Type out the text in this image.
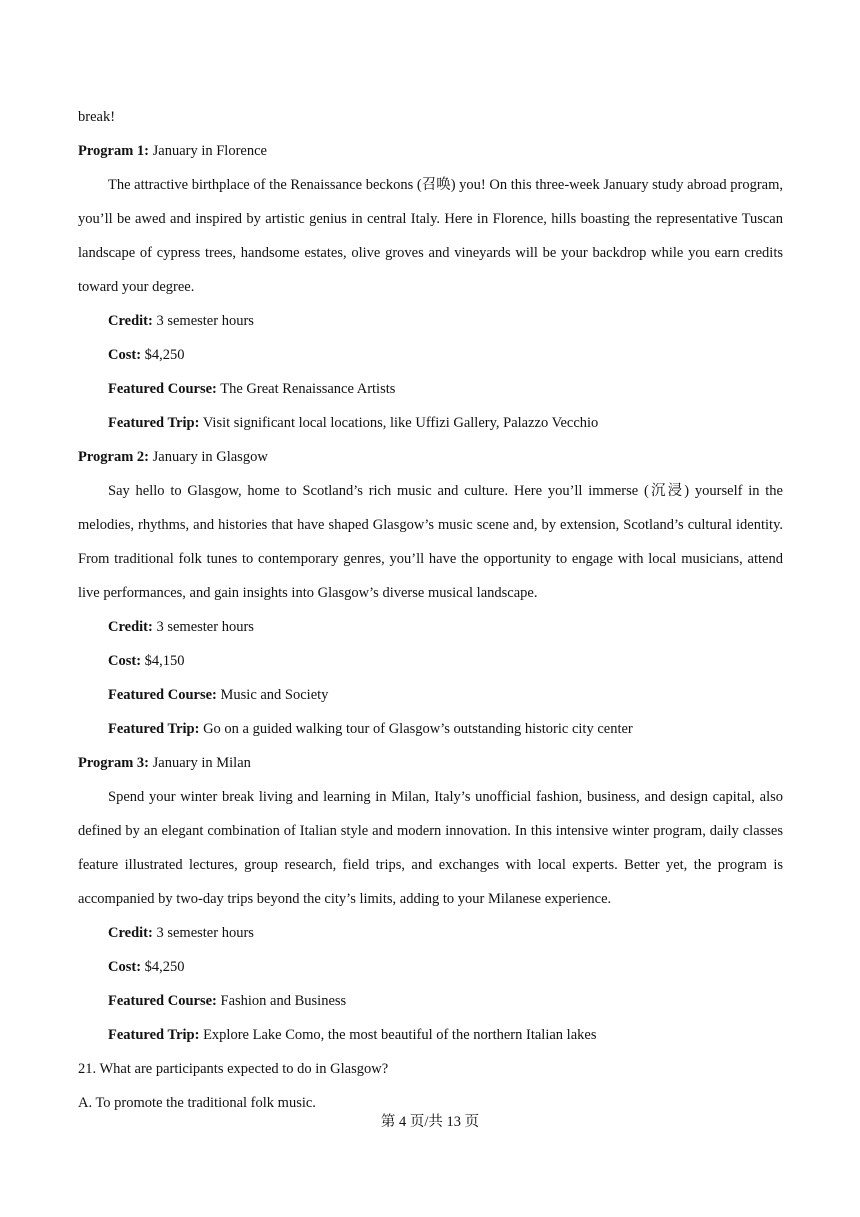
break!

Program 1: January in Florence

The attractive birthplace of the Renaissance beckons (召唤) you! On this three-week January study abroad program, you’ll be awed and inspired by artistic genius in central Italy. Here in Florence, hills boasting the representative Tuscan landscape of cypress trees, handsome estates, olive groves and vineyards will be your backdrop while you earn credits toward your degree.

Credit: 3 semester hours

Cost: $4,250

Featured Course: The Great Renaissance Artists

Featured Trip: Visit significant local locations, like Uffizi Gallery, Palazzo Vecchio

Program 2: January in Glasgow

Say hello to Glasgow, home to Scotland’s rich music and culture. Here you’ll immerse (沉浸) yourself in the melodies, rhythms, and histories that have shaped Glasgow’s music scene and, by extension, Scotland’s cultural identity. From traditional folk tunes to contemporary genres, you’ll have the opportunity to engage with local musicians, attend live performances, and gain insights into Glasgow’s diverse musical landscape.

Credit: 3 semester hours

Cost: $4,150

Featured Course: Music and Society

Featured Trip: Go on a guided walking tour of Glasgow’s outstanding historic city center

Program 3: January in Milan

Spend your winter break living and learning in Milan, Italy’s unofficial fashion, business, and design capital, also defined by an elegant combination of Italian style and modern innovation. In this intensive winter program, daily classes feature illustrated lectures, group research, field trips, and exchanges with local experts. Better yet, the program is accompanied by two-day trips beyond the city’s limits, adding to your Milanese experience.

Credit: 3 semester hours

Cost: $4,250

Featured Course: Fashion and Business

Featured Trip: Explore Lake Como, the most beautiful of the northern Italian lakes

21. What are participants expected to do in Glasgow?

A. To promote the traditional folk music.

第 4 页/共 13 页
